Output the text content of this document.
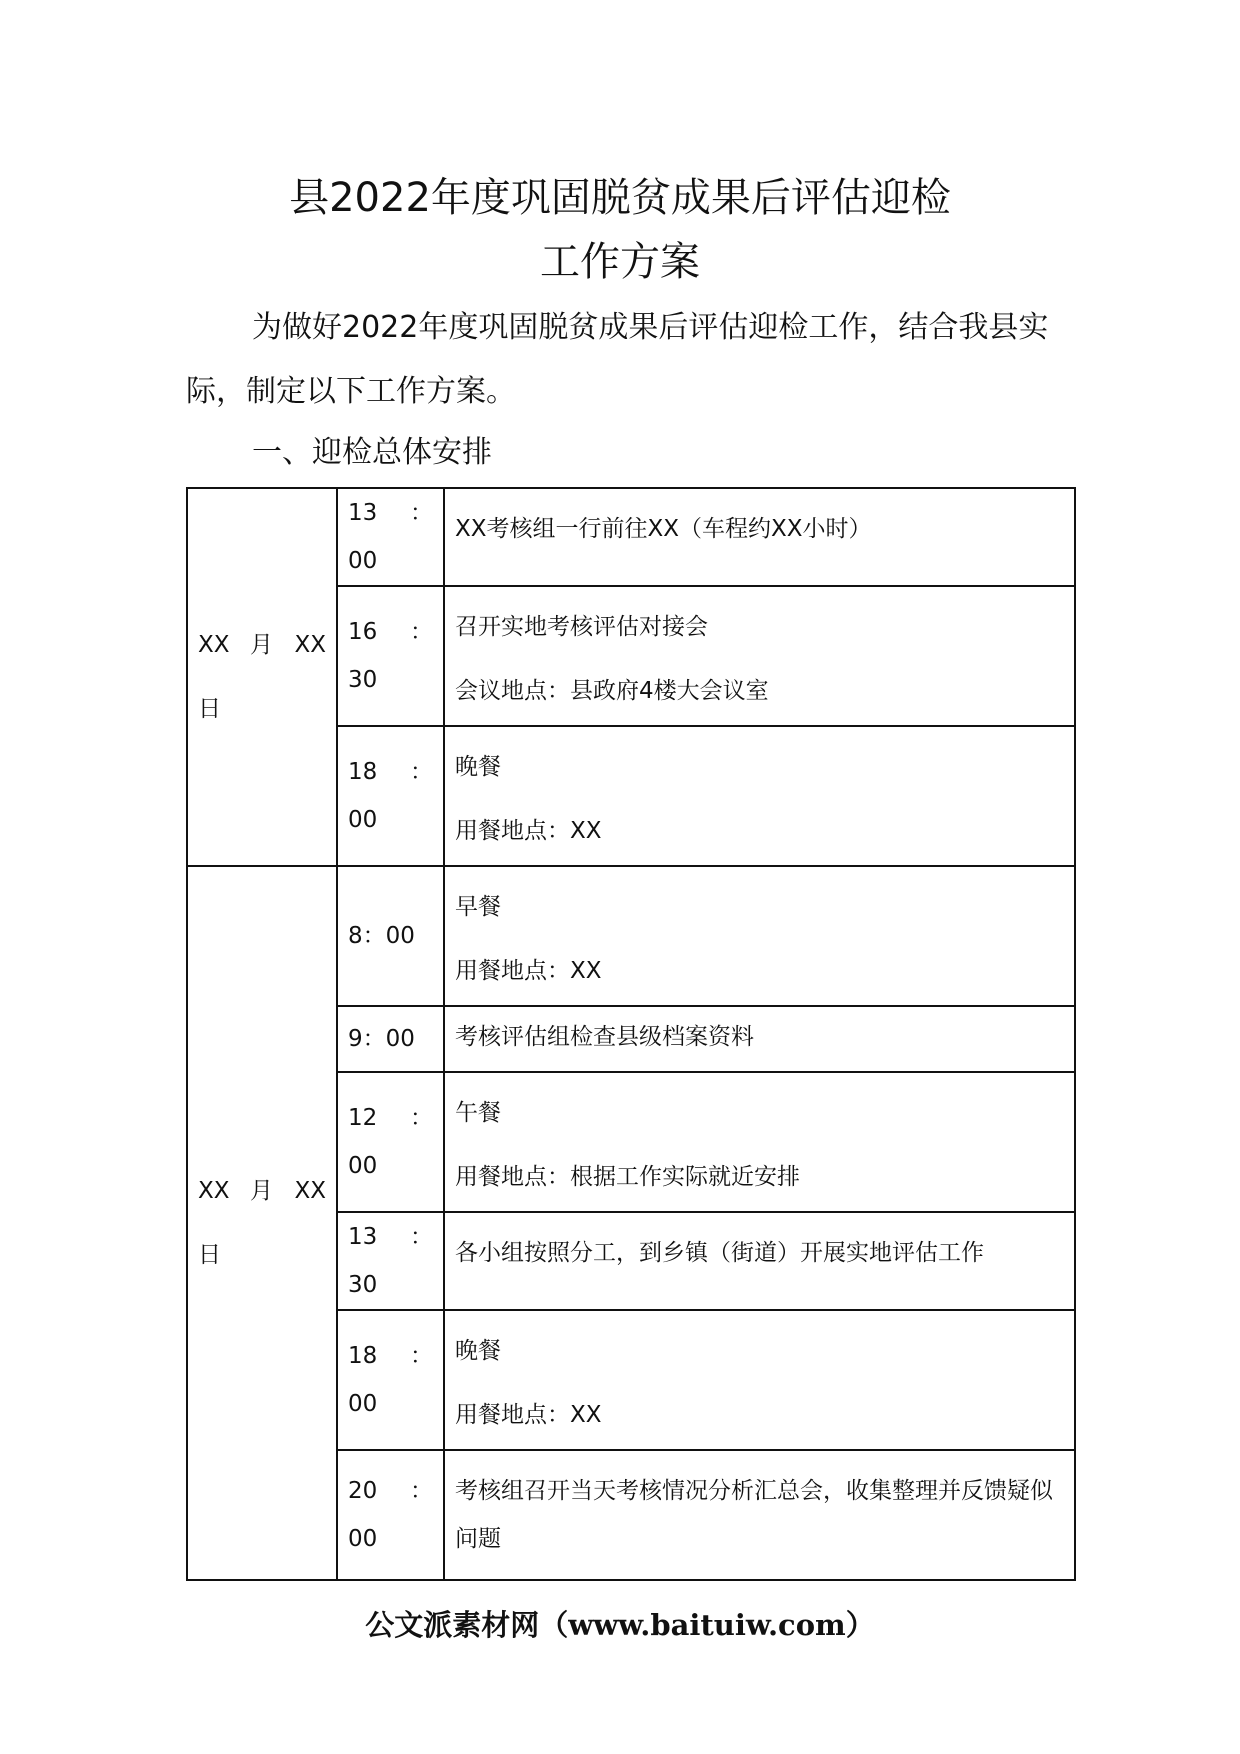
县2022年度巩固脱贫成果后评估迎检
工作方案

为做好2022年度巩固脱贫成果后评估迎检工作，结合我县实际，制定以下工作方案。

一、迎检总体安排
XX 月 XX 日	13 ：
00	XX考核组一行前往XX（车程约XX小时）

	16 ：
30	召开实地考核评估对接会
会议地点：县政府4楼大会议室

	18 ：
00	晚餐
用餐地点：XX

XX 月 XX 日	8：00	早餐
用餐地点：XX

	9：00	考核评估组检查县级档案资料

	12 ：
00	午餐
用餐地点：根据工作实际就近安排

	13 ：
30	各小组按照分工，到乡镇（街道）开展实地评估工作

	18 ：
00	晚餐
用餐地点：XX

	20 ：
00	考核组召开当天考核情况分析汇总会，收集整理并反馈疑似问题

公文派素材网（www.baituiw.com）
